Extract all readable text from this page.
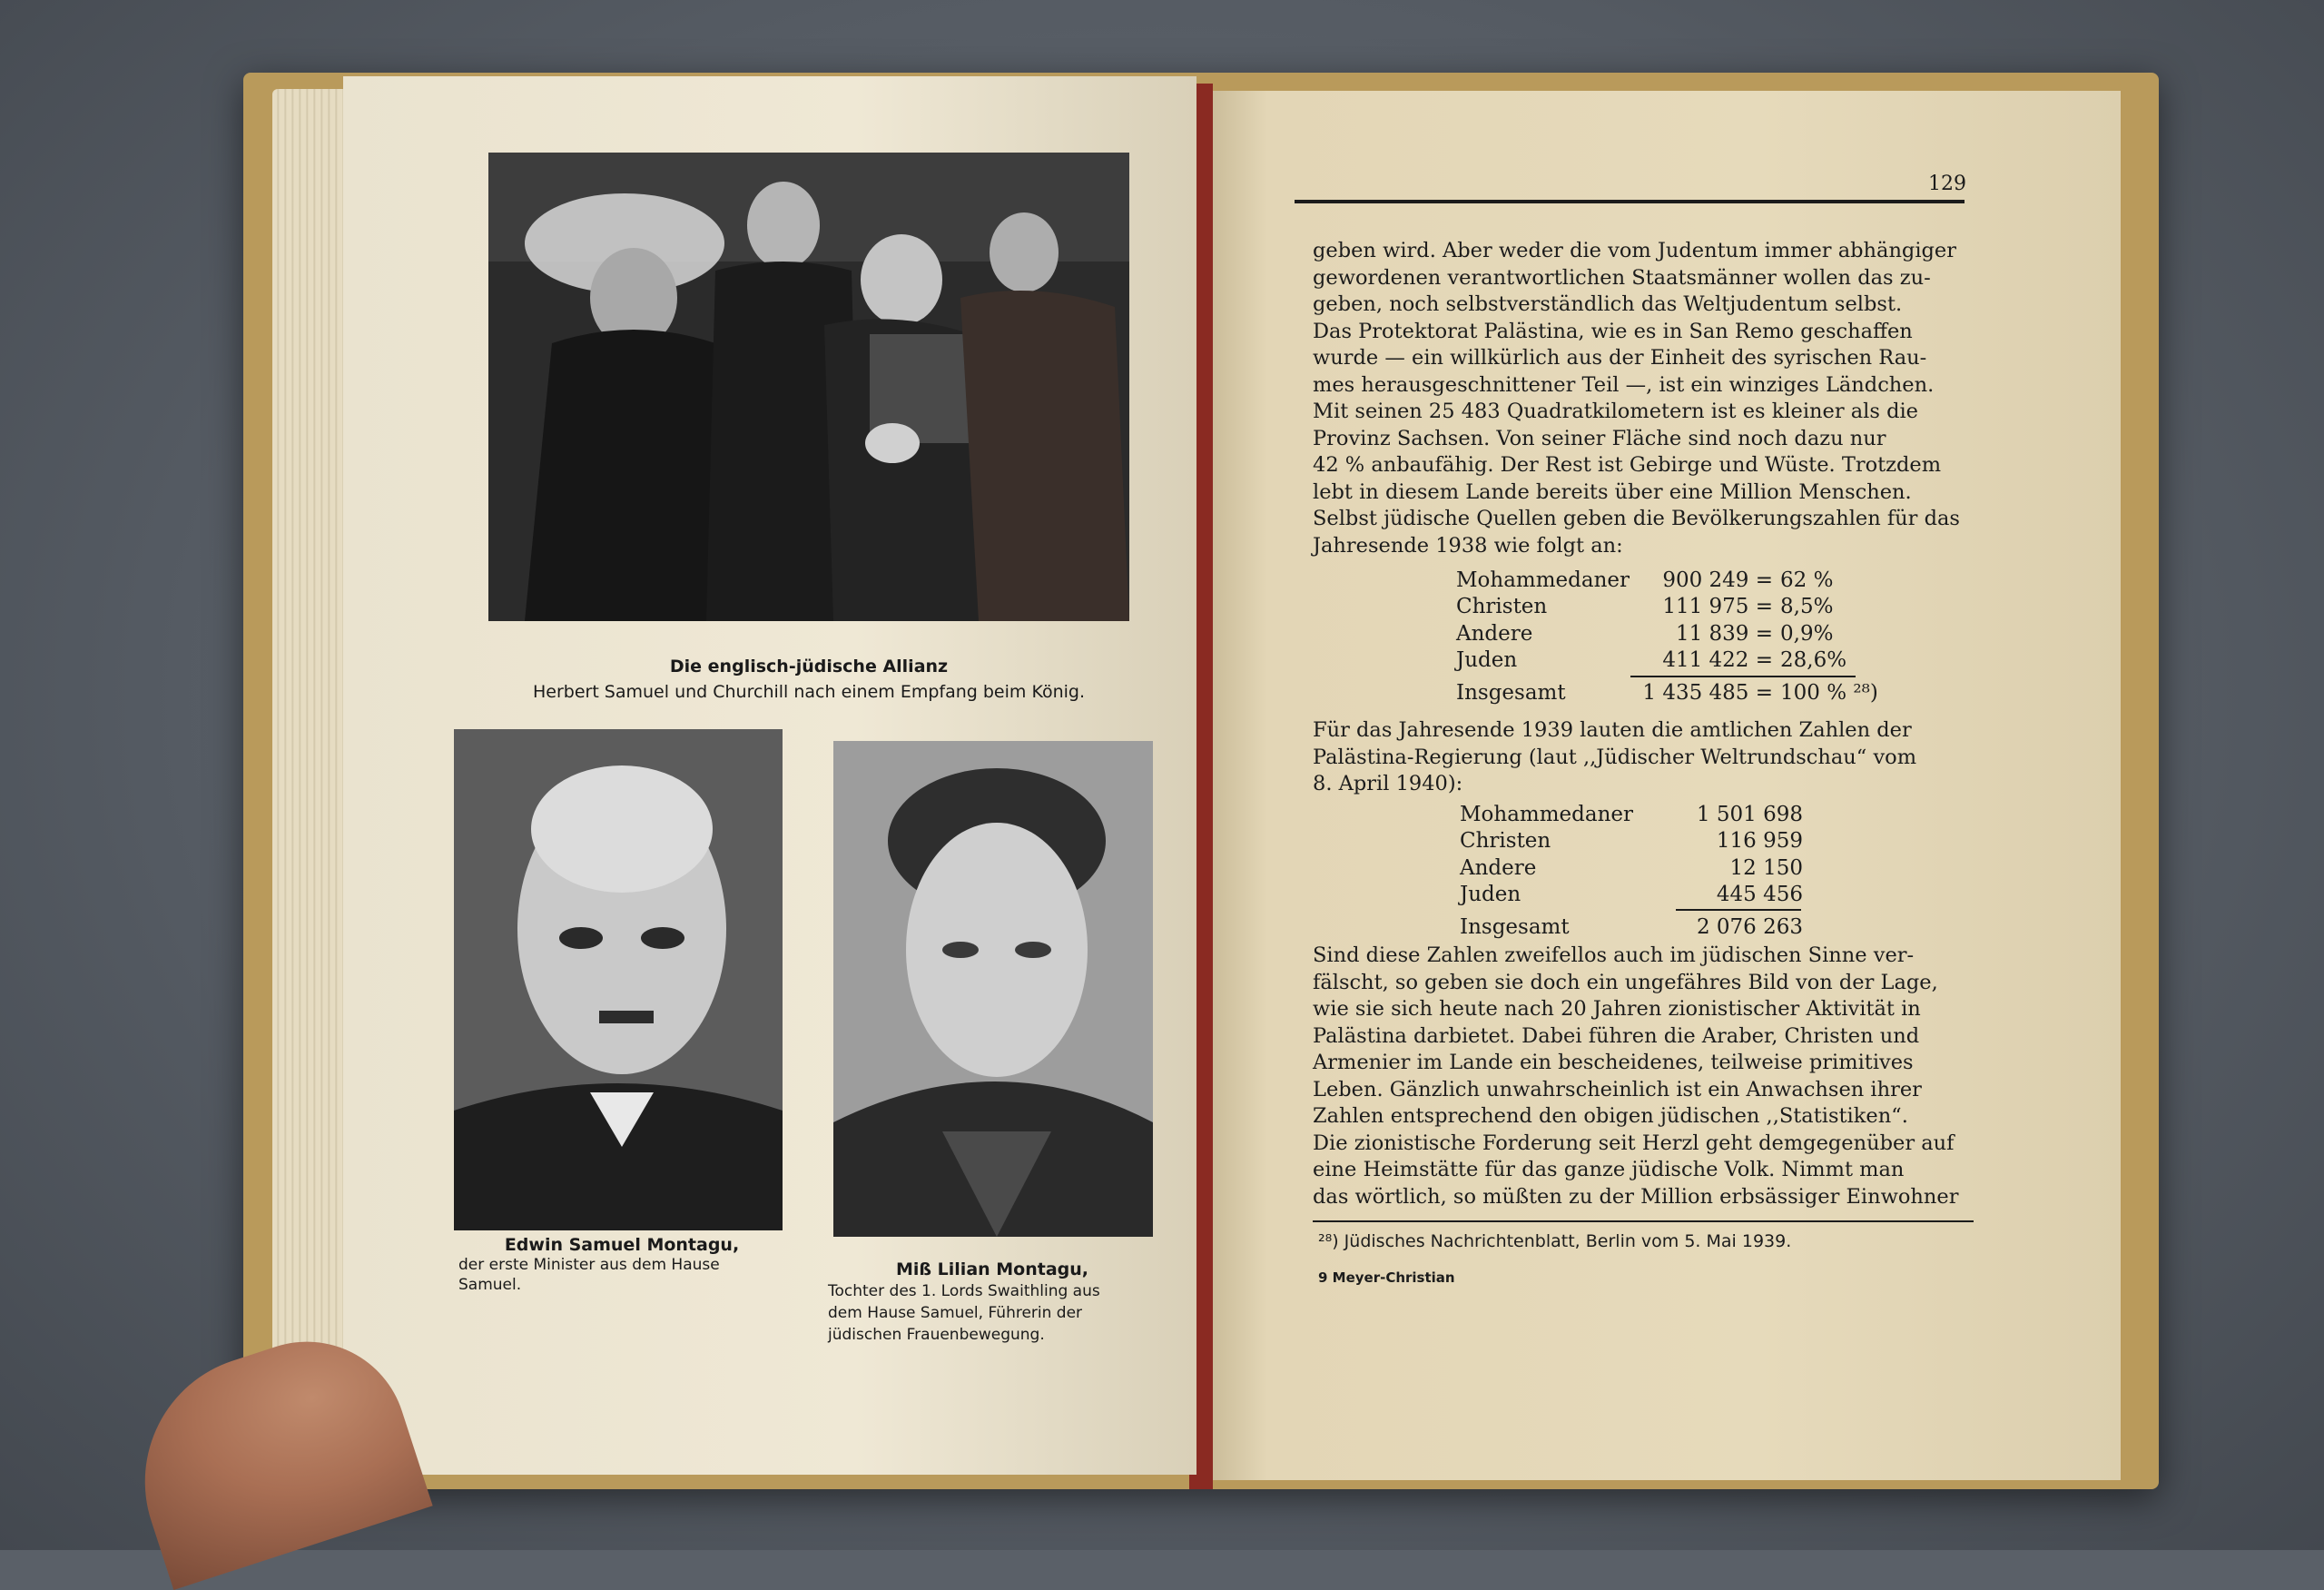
Die englisch-jüdische Allianz
Herbert Samuel und Churchill nach einem Empfang beim König.
Edwin Samuel Montagu,
der erste Minister aus dem Hause
Samuel.
Miß Lilian Montagu,
Tochter des 1. Lords Swaithling aus
dem Hause Samuel, Führerin der
jüdischen Frauenbewegung.
129
geben wird. Aber weder die vom Judentum immer abhängiger
gewordenen verantwortlichen Staatsmänner wollen das zu-
geben, noch selbstverständlich das Weltjudentum selbst.
Das Protektorat Palästina, wie es in San Remo geschaffen
wurde — ein willkürlich aus der Einheit des syrischen Rau-
mes herausgeschnittener Teil —, ist ein winziges Ländchen.
Mit seinen 25 483 Quadratkilometern ist es kleiner als die
Provinz Sachsen. Von seiner Fläche sind noch dazu nur
42 % anbaufähig. Der Rest ist Gebirge und Wüste. Trotzdem
lebt in diesem Lande bereits über eine Million Menschen.
Selbst jüdische Quellen geben die Bevölkerungszahlen für das
Jahresende 1938 wie folgt an:
Mohammedaner	900 249 =	62 %
Christen	111 975 =	8,5%
Andere	11 839 =	0,9%
Juden	411 422 =	28,6%
Insgesamt	1 435 485 =	100 % ²⁸)
Für das Jahresende 1939 lauten die amtlichen Zahlen der
Palästina-Regierung (laut ,,Jüdischer Weltrundschau“ vom
8. April 1940):
Mohammedaner	1 501 698
Christen	116 959
Andere	12 150
Juden	445 456
Insgesamt	2 076 263
Sind diese Zahlen zweifellos auch im jüdischen Sinne ver-
fälscht, so geben sie doch ein ungefähres Bild von der Lage,
wie sie sich heute nach 20 Jahren zionistischer Aktivität in
Palästina darbietet. Dabei führen die Araber, Christen und
Armenier im Lande ein bescheidenes, teilweise primitives
Leben. Gänzlich unwahrscheinlich ist ein Anwachsen ihrer
Zahlen entsprechend den obigen jüdischen ,,Statistiken“.
Die zionistische Forderung seit Herzl geht demgegenüber auf
eine Heimstätte für das ganze jüdische Volk. Nimmt man
das wörtlich, so müßten zu der Million erbsässiger Einwohner
²⁸) Jüdisches Nachrichtenblatt, Berlin vom 5. Mai 1939.
9 Meyer-Christian
